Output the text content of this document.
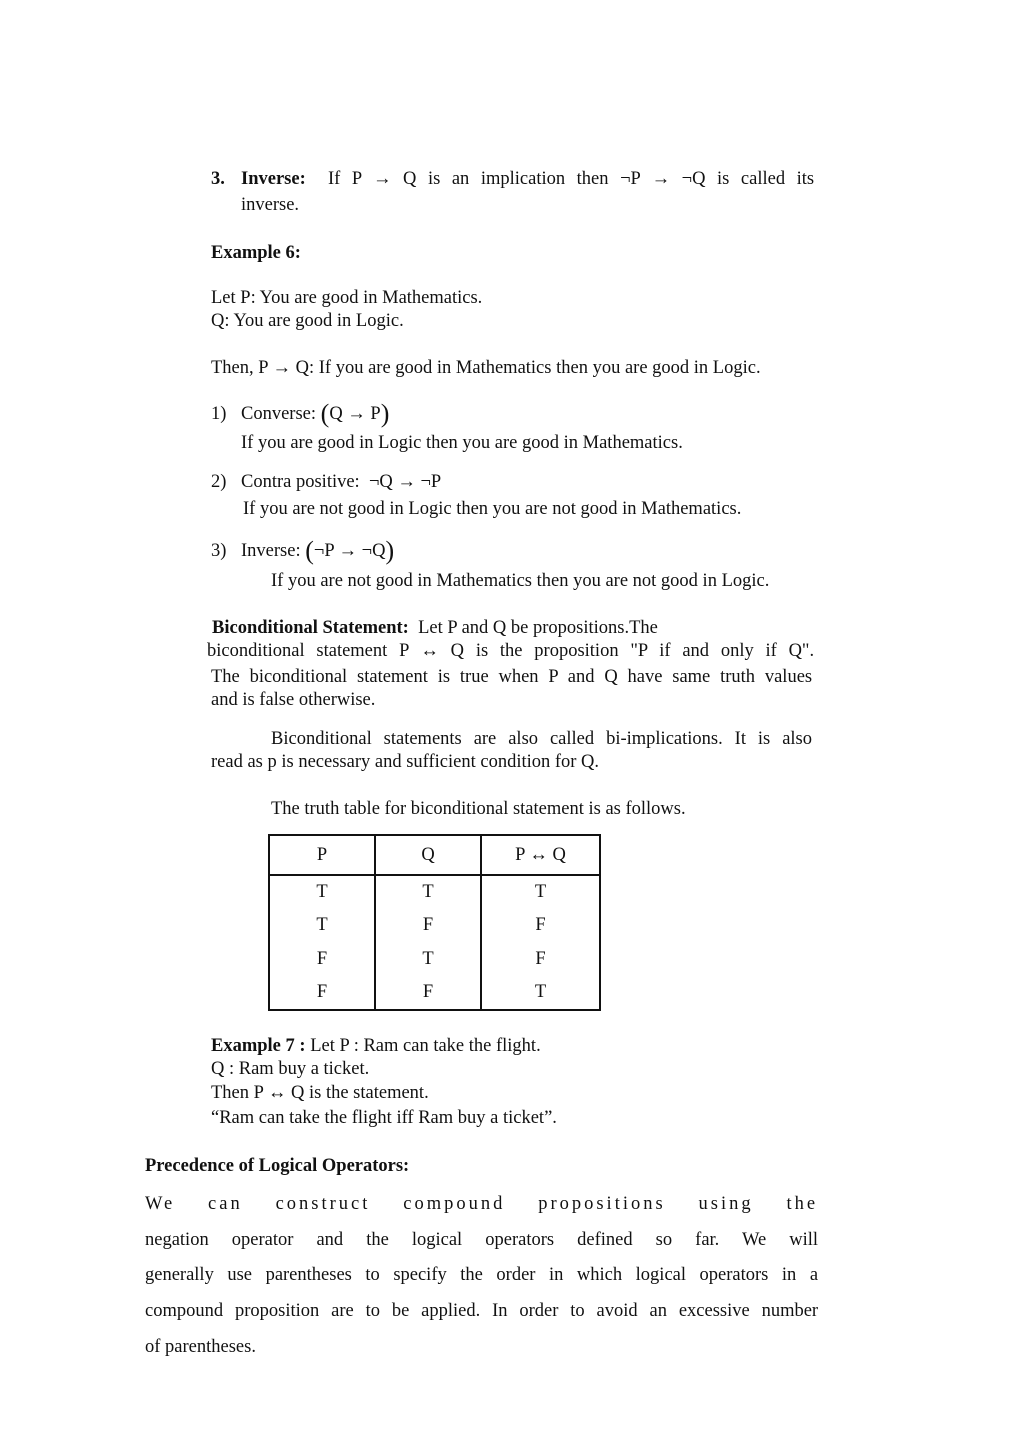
3. Inverse: If P → Q is an implication then ¬P → ¬Q is called its
inverse.
Example 6:
Let P: You are good in Mathematics.
Q: You are good in Logic.
Then, P → Q: If you are good in Mathematics then you are good in Logic.
1) Converse: (Q → P)
If you are good in Logic then you are good in Mathematics.
2) Contra positive: ¬Q → ¬P
If you are not good in Logic then you are not good in Mathematics.
3) Inverse: (¬P → ¬Q)
If you are not good in Mathematics then you are not good in Logic.
Biconditional Statement: Let P and Q be propositions.The
biconditional statement P ↔ Q is the proposition "P if and only if Q".
The biconditional statement is true when P and Q have same truth values
and is false otherwise.
Biconditional statements are also called bi-implications. It is also
read as p is necessary and sufficient condition for Q.
The truth table for biconditional statement is as follows.
P	Q	P ↔ Q
T	T	T
T	F	F
F	T	F
F	F	T
Example 7 : Let P : Ram can take the flight.
Q : Ram buy a ticket.
Then P ↔ Q is the statement.
“Ram can take the flight iff Ram buy a ticket”.
Precedence of Logical Operators:
We can construct compound propositions using the
negation operator and the logical operators defined so far. We will
generally use parentheses to specify the order in which logical operators in a
compound proposition are to be applied. In order to avoid an excessive number
of parentheses.
